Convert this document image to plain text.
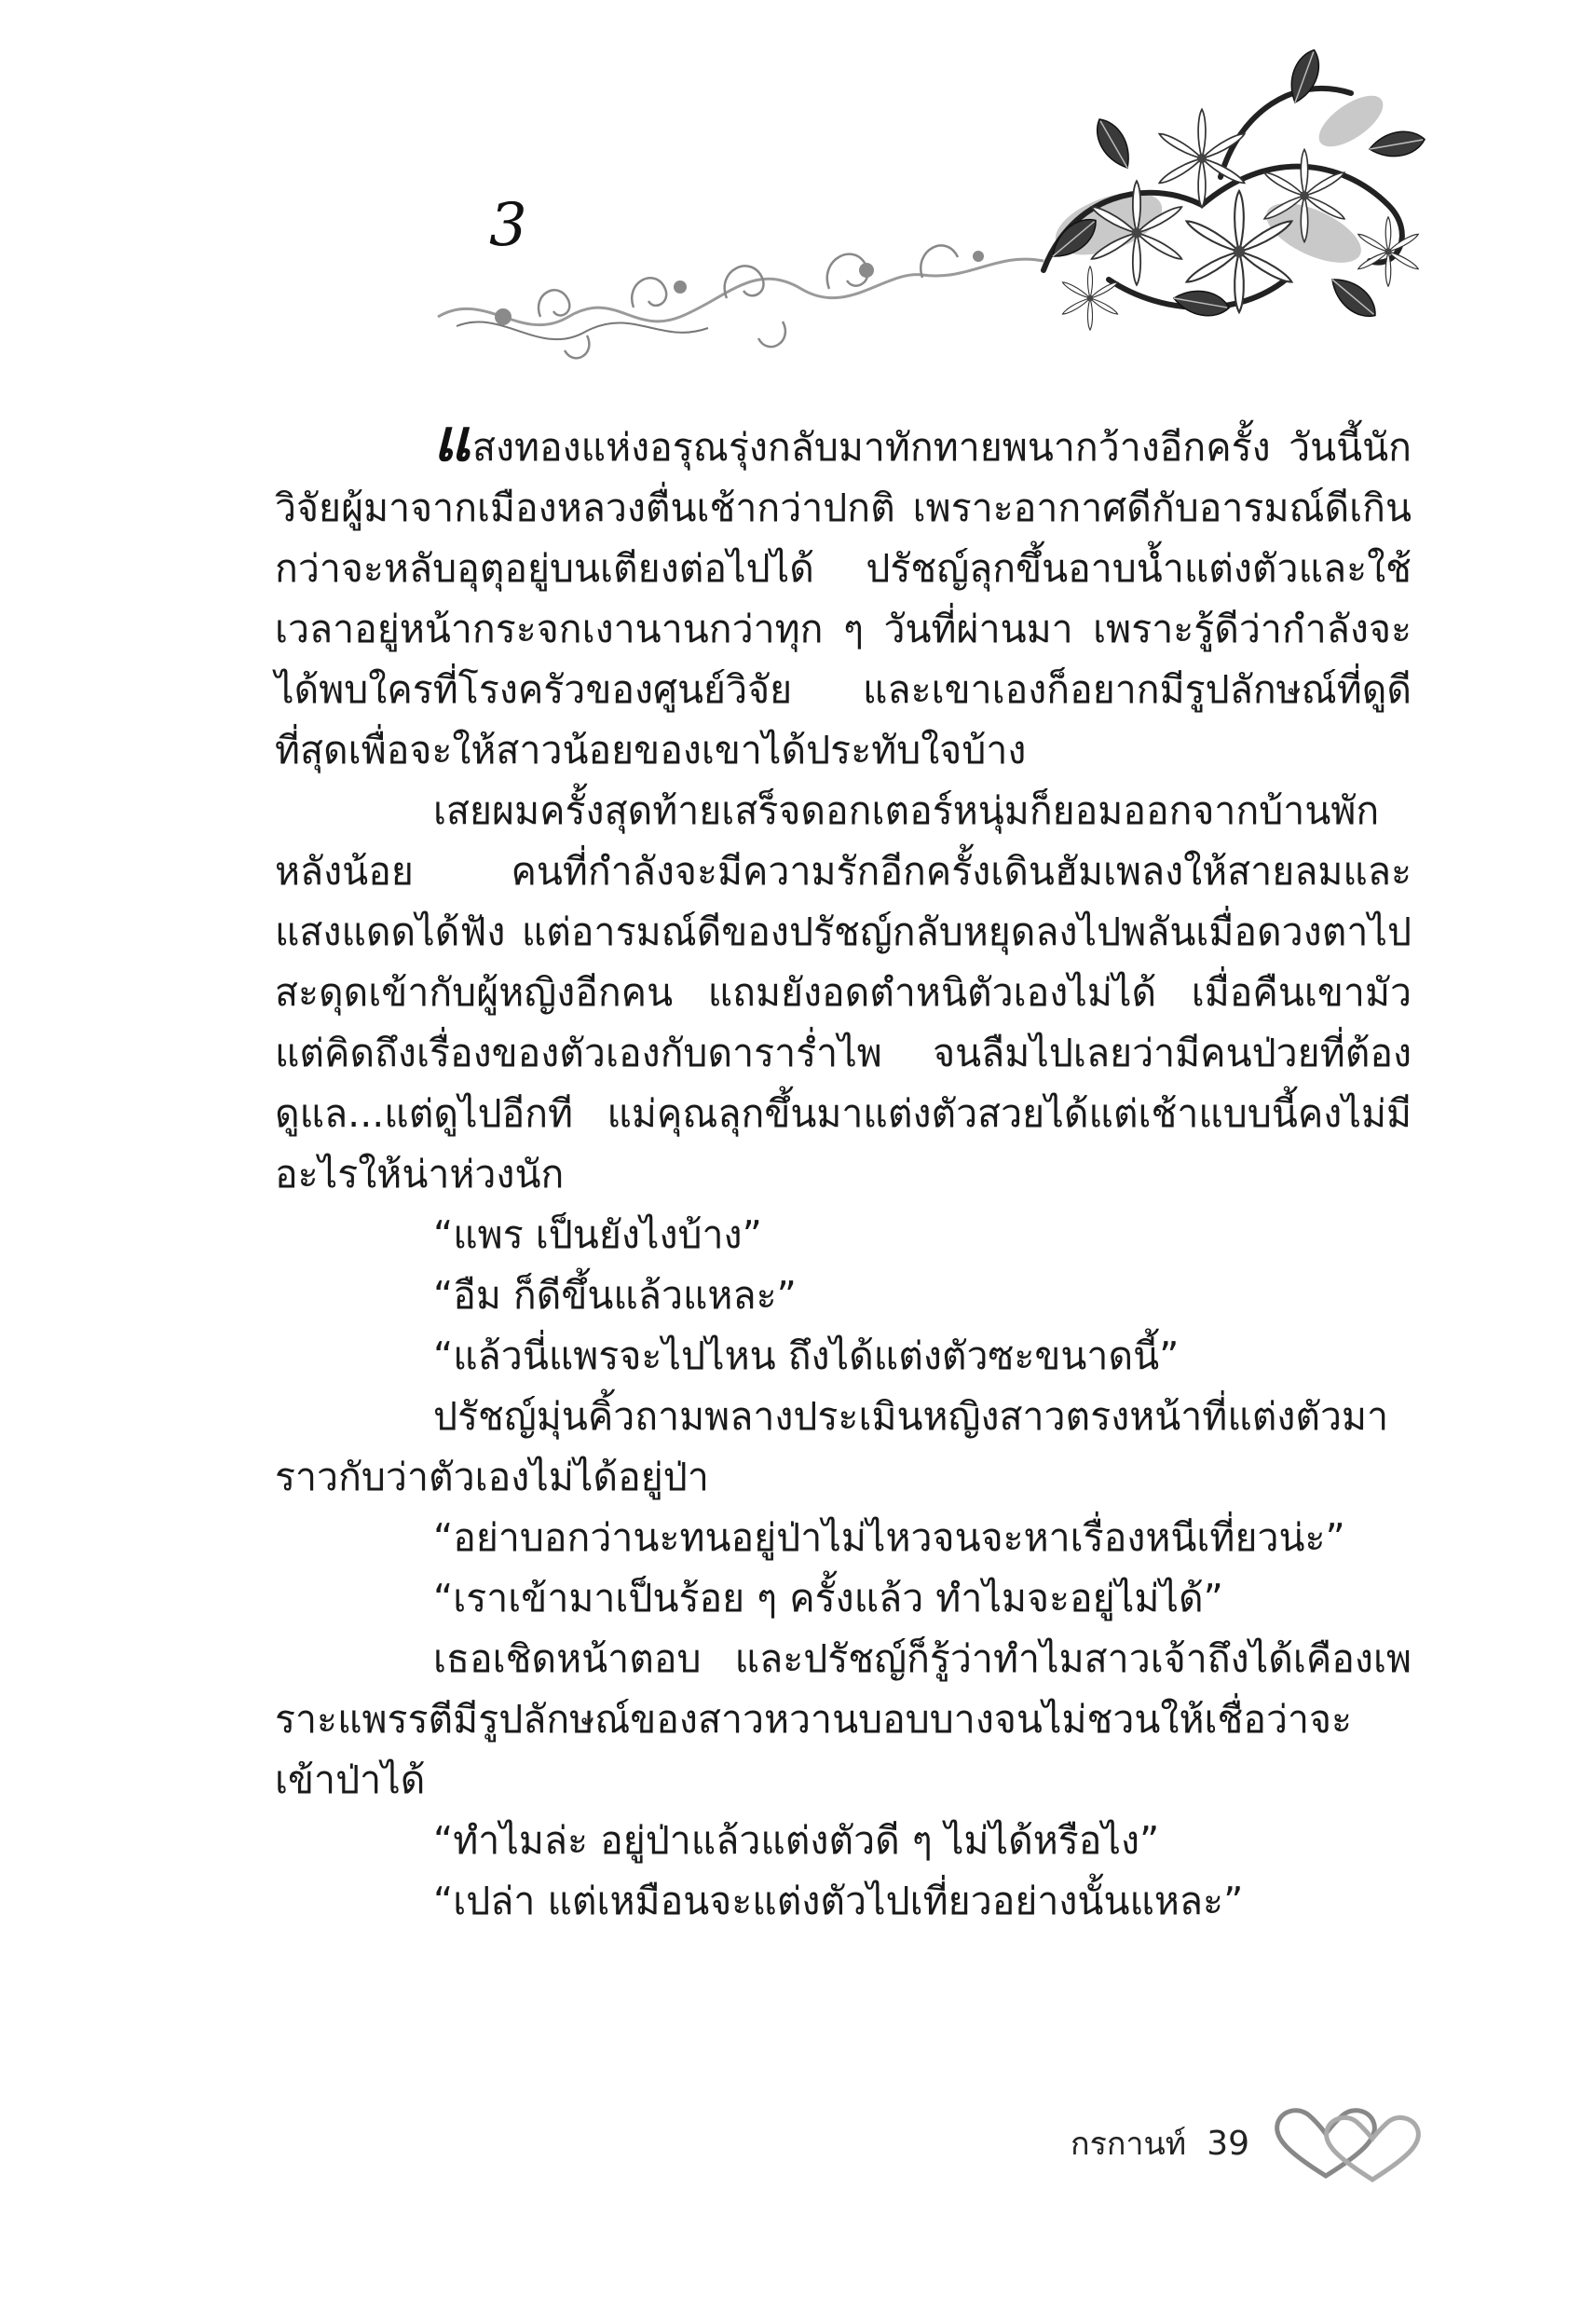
3

แสงทองแห่งอรุณรุ่งกลับมาทักทายพนากว้างอีกครั้ง วันนี้นักวิจัยผู้มาจากเมืองหลวงตื่นเช้ากว่าปกติ เพราะอากาศดีกับอารมณ์ดีเกินกว่าจะหลับอุตุอยู่บนเตียงต่อไปได้ ปรัชญ์ลุกขึ้นอาบน้ำแต่งตัวและใช้เวลาอยู่หน้ากระจกเงานานกว่าทุก ๆ วันที่ผ่านมา เพราะรู้ดีว่ากำลังจะได้พบใครที่โรงครัวของศูนย์วิจัย และเขาเองก็อยากมีรูปลักษณ์ที่ดูดีที่สุดเพื่อจะให้สาวน้อยของเขาได้ประทับใจบ้าง

เสยผมครั้งสุดท้ายเสร็จดอกเตอร์หนุ่มก็ยอมออกจากบ้านพักหลังน้อย คนที่กำลังจะมีความรักอีกครั้งเดินฮัมเพลงให้สายลมและแสงแดดได้ฟัง แต่อารมณ์ดีของปรัชญ์กลับหยุดลงไปพลันเมื่อดวงตาไปสะดุดเข้ากับผู้หญิงอีกคน แถมยังอดตำหนิตัวเองไม่ได้ เมื่อคืนเขามัวแต่คิดถึงเรื่องของตัวเองกับดาราร่ำไพ จนลืมไปเลยว่ามีคนป่วยที่ต้องดูแล...แต่ดูไปอีกที แม่คุณลุกขึ้นมาแต่งตัวสวยได้แต่เช้าแบบนี้คงไม่มีอะไรให้น่าห่วงนัก

“แพร เป็นยังไงบ้าง”

“อืม ก็ดีขึ้นแล้วแหละ”

“แล้วนี่แพรจะไปไหน ถึงได้แต่งตัวซะขนาดนี้”

ปรัชญ์มุ่นคิ้วถามพลางประเมินหญิงสาวตรงหน้าที่แต่งตัวมาราวกับว่าตัวเองไม่ได้อยู่ป่า

“อย่าบอกว่านะทนอยู่ป่าไม่ไหวจนจะหาเรื่องหนีเที่ยวน่ะ”

“เราเข้ามาเป็นร้อย ๆ ครั้งแล้ว ทำไมจะอยู่ไม่ได้”

เธอเชิดหน้าตอบ และปรัชญ์ก็รู้ว่าทำไมสาวเจ้าถึงได้เคืองเพราะแพรรตีมีรูปลักษณ์ของสาวหวานบอบบางจนไม่ชวนให้เชื่อว่าจะเข้าป่าได้

“ทำไมล่ะ อยู่ป่าแล้วแต่งตัวดี ๆ ไม่ได้หรือไง”

“เปล่า แต่เหมือนจะแต่งตัวไปเที่ยวอย่างนั้นแหละ”

กรกานท์ 39
